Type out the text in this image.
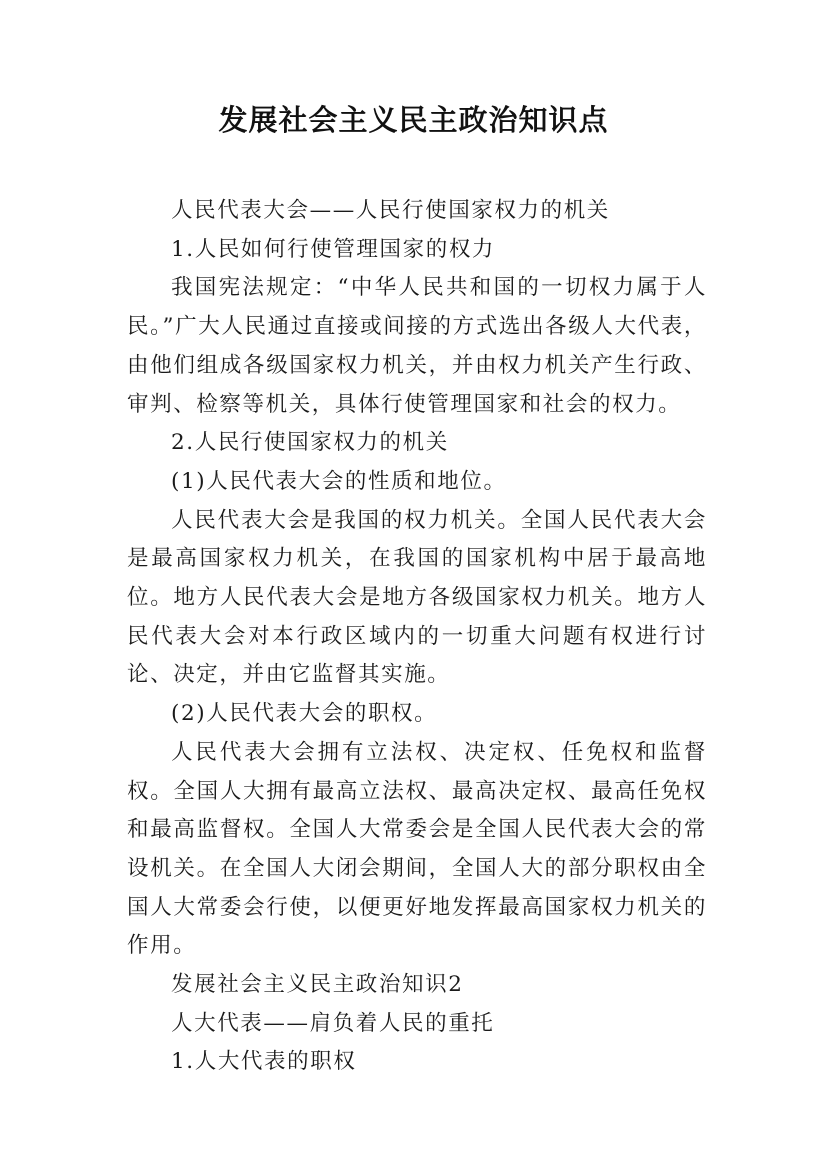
发展社会主义民主政治知识点

人民代表大会——人民行使国家权力的机关

1.人民如何行使管理国家的权力

我国宪法规定：“中华人民共和国的一切权力属于人民。”广大人民通过直接或间接的方式选出各级人大代表，由他们组成各级国家权力机关，并由权力机关产生行政、审判、检察等机关，具体行使管理国家和社会的权力。

2.人民行使国家权力的机关

(1)人民代表大会的性质和地位。

人民代表大会是我国的权力机关。全国人民代表大会是最高国家权力机关，在我国的国家机构中居于最高地位。地方人民代表大会是地方各级国家权力机关。地方人民代表大会对本行政区域内的一切重大问题有权进行讨论、决定，并由它监督其实施。

(2)人民代表大会的职权。

人民代表大会拥有立法权、决定权、任免权和监督权。全国人大拥有最高立法权、最高决定权、最高任免权和最高监督权。全国人大常委会是全国人民代表大会的常设机关。在全国人大闭会期间，全国人大的部分职权由全国人大常委会行使，以便更好地发挥最高国家权力机关的作用。

发展社会主义民主政治知识2

人大代表——肩负着人民的重托

1.人大代表的职权
